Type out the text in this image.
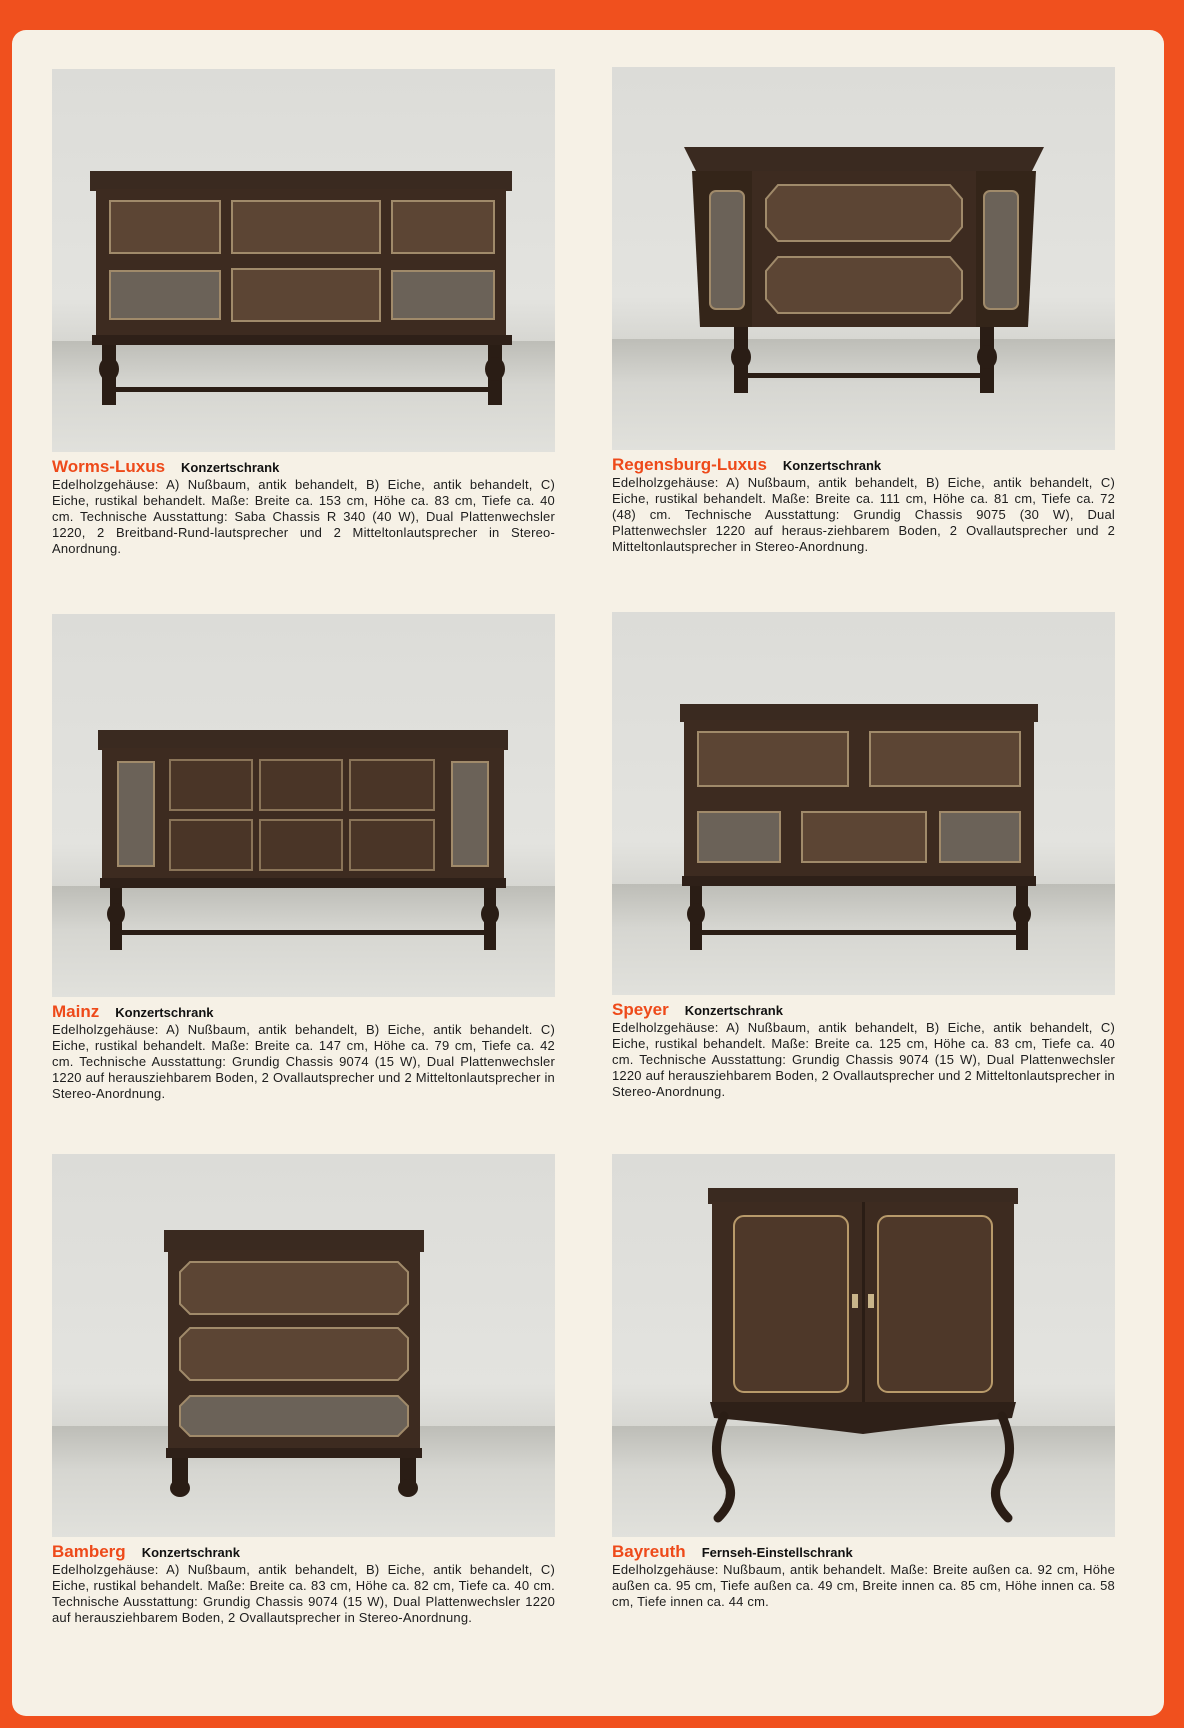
Worms-Luxus Konzertschrank

Edelholzgehäuse: A) Nußbaum, antik behandelt, B) Eiche, antik behandelt, C) Eiche, rustikal behandelt. Maße: Breite ca. 153 cm, Höhe ca. 83 cm, Tiefe ca. 40 cm. Technische Ausstattung: Saba Chassis R 340 (40 W), Dual Plattenwechsler 1220, 2 Breitband-Rund-lautsprecher und 2 Mitteltonlautsprecher in Stereo-Anordnung.

Regensburg-Luxus Konzertschrank

Edelholzgehäuse: A) Nußbaum, antik behandelt, B) Eiche, antik behandelt, C) Eiche, rustikal behandelt. Maße: Breite ca. 111 cm, Höhe ca. 81 cm, Tiefe ca. 72 (48) cm. Technische Ausstattung: Grundig Chassis 9075 (30 W), Dual Plattenwechsler 1220 auf heraus-ziehbarem Boden, 2 Ovallautsprecher und 2 Mitteltonlautsprecher in Stereo-Anordnung.

Mainz Konzertschrank

Edelholzgehäuse: A) Nußbaum, antik behandelt, B) Eiche, antik behandelt. C) Eiche, rustikal behandelt. Maße: Breite ca. 147 cm, Höhe ca. 79 cm, Tiefe ca. 42 cm. Technische Ausstattung: Grundig Chassis 9074 (15 W), Dual Plattenwechsler 1220 auf herausziehbarem Boden, 2 Ovallautsprecher und 2 Mitteltonlautsprecher in Stereo-Anordnung.

Speyer Konzertschrank

Edelholzgehäuse: A) Nußbaum, antik behandelt, B) Eiche, antik behandelt, C) Eiche, rustikal behandelt. Maße: Breite ca. 125 cm, Höhe ca. 83 cm, Tiefe ca. 40 cm. Technische Ausstattung: Grundig Chassis 9074 (15 W), Dual Plattenwechsler 1220 auf herausziehbarem Boden, 2 Ovallautsprecher und 2 Mitteltonlautsprecher in Stereo-Anordnung.

Bamberg Konzertschrank

Edelholzgehäuse: A) Nußbaum, antik behandelt, B) Eiche, antik behandelt, C) Eiche, rustikal behandelt. Maße: Breite ca. 83 cm, Höhe ca. 82 cm, Tiefe ca. 40 cm. Technische Ausstattung: Grundig Chassis 9074 (15 W), Dual Plattenwechsler 1220 auf herausziehbarem Boden, 2 Ovallautsprecher in Stereo-Anordnung.

Bayreuth Fernseh-Einstellschrank

Edelholzgehäuse: Nußbaum, antik behandelt. Maße: Breite außen ca. 92 cm, Höhe außen ca. 95 cm, Tiefe außen ca. 49 cm, Breite innen ca. 85 cm, Höhe innen ca. 58 cm, Tiefe innen ca. 44 cm.
